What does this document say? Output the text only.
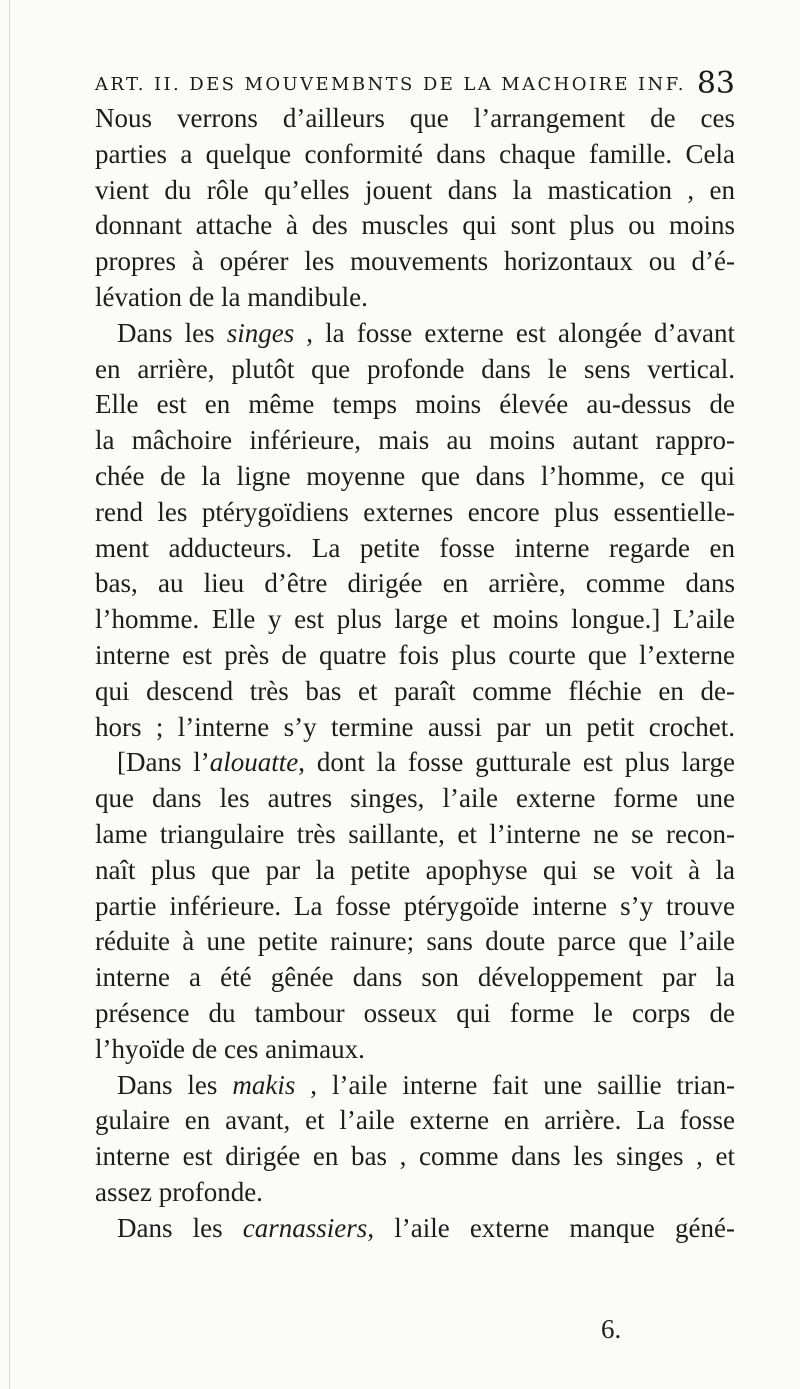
ART. II. DES MOUVEMBNTS DE LA MACHOIRE INF. 83
Nous verrons d’ailleurs que l’arrangement de ces
parties a quelque conformité dans chaque famille. Cela
vient du rôle qu’elles jouent dans la mastication , en
donnant attache à des muscles qui sont plus ou moins
propres à opérer les mouvements horizontaux ou d’é-
lévation de la mandibule.
Dans les singes , la fosse externe est alongée d’avant
en arrière, plutôt que profonde dans le sens vertical.
Elle est en même temps moins élevée au-dessus de
la mâchoire inférieure, mais au moins autant rappro-
chée de la ligne moyenne que dans l’homme, ce qui
rend les ptérygoïdiens externes encore plus essentielle-
ment adducteurs. La petite fosse interne regarde en
bas, au lieu d’être dirigée en arrière, comme dans
l’homme. Elle y est plus large et moins longue.] L’aile
interne est près de quatre fois plus courte que l’externe
qui descend très bas et paraît comme fléchie en de-
hors ; l’interne s’y termine aussi par un petit crochet.
[Dans l’alouatte, dont la fosse gutturale est plus large
que dans les autres singes, l’aile externe forme une
lame triangulaire très saillante, et l’interne ne se recon-
naît plus que par la petite apophyse qui se voit à la
partie inférieure. La fosse ptérygoïde interne s’y trouve
réduite à une petite rainure; sans doute parce que l’aile
interne a été gênée dans son développement par la
présence du tambour osseux qui forme le corps de
l’hyoïde de ces animaux.
Dans les makis , l’aile interne fait une saillie trian-
gulaire en avant, et l’aile externe en arrière. La fosse
interne est dirigée en bas , comme dans les singes , et
assez profonde.
Dans les carnassiers, l’aile externe manque géné-
6.
